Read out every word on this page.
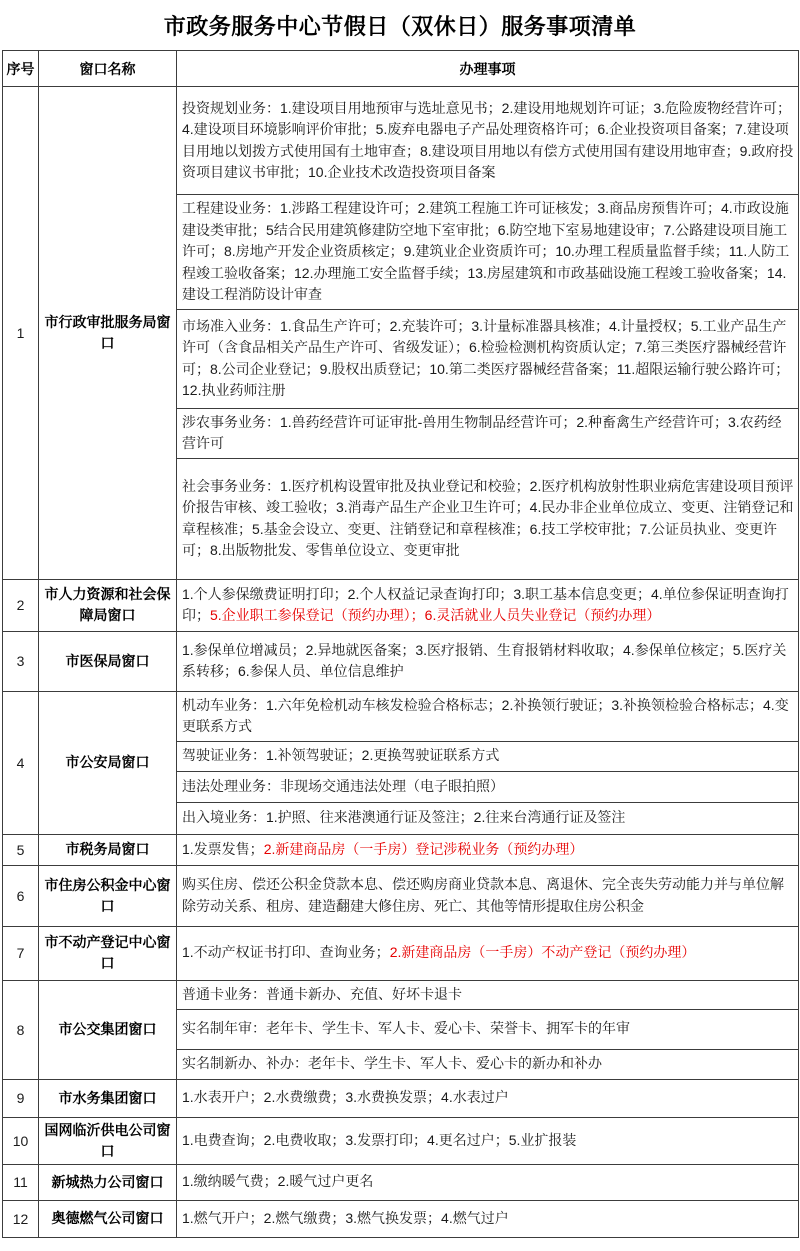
市政务服务中心节假日（双休日）服务事项清单
序号	窗口名称	办理事项
1	市行政审批服务局窗口	投资规划业务：1.建设项目用地预审与选址意见书；2.建设用地规划许可证；3.危险废物经营许可；4.建设项目环境影响评价审批；5.废弃电器电子产品处理资格许可；6.企业投资项目备案；7.建设项目用地以划拨方式使用国有土地审查；8.建设项目用地以有偿方式使用国有建设用地审查；9.政府投资项目建议书审批；10.企业技术改造投资项目备案
		工程建设业务：1.涉路工程建设许可；2.建筑工程施工许可证核发；3.商品房预售许可；4.市政设施建设类审批；5结合民用建筑修建防空地下室审批；6.防空地下室易地建设审；7.公路建设项目施工许可；8.房地产开发企业资质核定；9.建筑业企业资质许可；10.办理工程质量监督手续；11.人防工程竣工验收备案；12.办理施工安全监督手续；13.房屋建筑和市政基础设施工程竣工验收备案；14.建设工程消防设计审查
		市场准入业务：1.食品生产许可；2.充装许可；3.计量标准器具核准；4.计量授权；5.工业产品生产许可（含食品相关产品生产许可、省级发证）；6.检验检测机构资质认定；7.第三类医疗器械经营许可；8.公司企业登记；9.股权出质登记；10.第二类医疗器械经营备案；11.超限运输行驶公路许可；12.执业药师注册
		涉农事务业务：1.兽药经营许可证审批-兽用生物制品经营许可；2.种畜禽生产经营许可；3.农药经营许可
		社会事务业务：1.医疗机构设置审批及执业登记和校验；2.医疗机构放射性职业病危害建设项目预评价报告审核、竣工验收；3.消毒产品生产企业卫生许可；4.民办非企业单位成立、变更、注销登记和章程核准；5.基金会设立、变更、注销登记和章程核准；6.技工学校审批；7.公证员执业、变更许可；8.出版物批发、零售单位设立、变更审批
2	市人力资源和社会保障局窗口	1.个人参保缴费证明打印；2.个人权益记录查询打印；3.职工基本信息变更；4.单位参保证明查询打印；5.企业职工参保登记（预约办理）；6.灵活就业人员失业登记（预约办理）
3	市医保局窗口	1.参保单位增减员；2.异地就医备案；3.医疗报销、生育报销材料收取；4.参保单位核定；5.医疗关系转移；6.参保人员、单位信息维护
4	市公安局窗口	机动车业务：1.六年免检机动车核发检验合格标志；2.补换领行驶证；3.补换领检验合格标志；4.变更联系方式
		驾驶证业务：1.补领驾驶证；2.更换驾驶证联系方式
		违法处理业务：非现场交通违法处理（电子眼拍照）
		出入境业务：1.护照、往来港澳通行证及签注；2.往来台湾通行证及签注
5	市税务局窗口	1.发票发售；2.新建商品房（一手房）登记涉税业务（预约办理）
6	市住房公积金中心窗口	购买住房、偿还公积金贷款本息、偿还购房商业贷款本息、离退休、完全丧失劳动能力并与单位解除劳动关系、租房、建造翻建大修住房、死亡、其他等情形提取住房公积金
7	市不动产登记中心窗口	1.不动产权证书打印、查询业务；2.新建商品房（一手房）不动产登记（预约办理）
8	市公交集团窗口	普通卡业务：普通卡新办、充值、好坏卡退卡
		实名制年审：老年卡、学生卡、军人卡、爱心卡、荣誉卡、拥军卡的年审
		实名制新办、补办：老年卡、学生卡、军人卡、爱心卡的新办和补办
9	市水务集团窗口	1.水表开户；2.水费缴费；3.水费换发票；4.水表过户
10	国网临沂供电公司窗口	1.电费查询；2.电费收取；3.发票打印；4.更名过户；5.业扩报装
11	新城热力公司窗口	1.缴纳暖气费；2.暖气过户更名
12	奥德燃气公司窗口	1.燃气开户；2.燃气缴费；3.燃气换发票；4.燃气过户
